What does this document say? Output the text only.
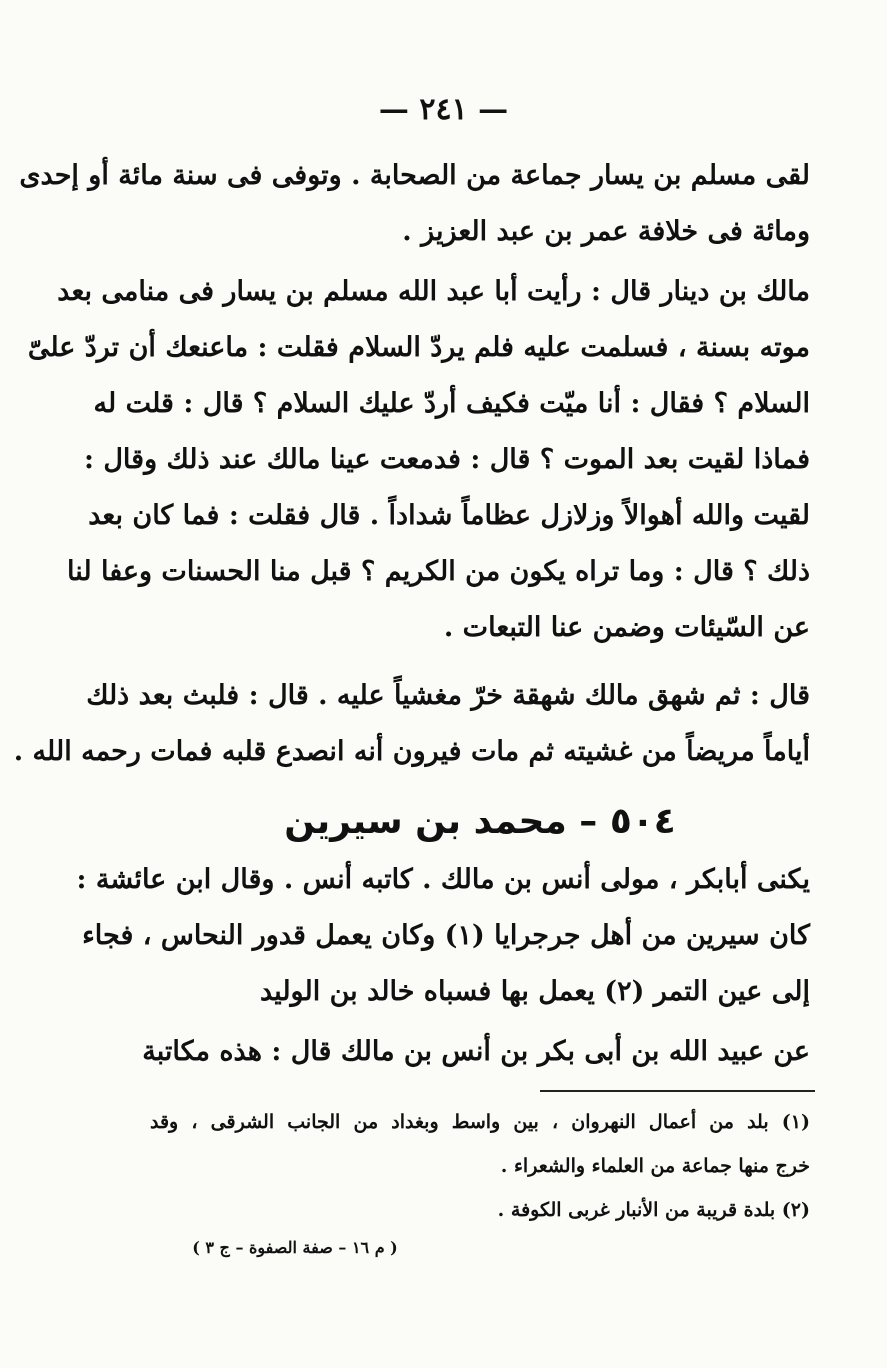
— ٢٤١ —
لقى مسلم بن يسار جماعة من الصحابة . وتوفى فى سنة مائة أو إحدى
ومائة فى خلافة عمر بن عبد العزيز .
مالك بن دينار قال : رأيت أبا عبد الله مسلم بن يسار فى منامى بعد
موته بسنة ، فسلمت عليه فلم يردّ السلام فقلت : ماعنعك أن تردّ علىّ
السلام ؟ فقال : أنا ميّت فكيف أردّ عليك السلام ؟ قال : قلت له
فماذا لقيت بعد الموت ؟ قال : فدمعت عينا مالك عند ذلك وقال :
لقيت والله أهوالاً وزلازل عظاماً شداداً . قال فقلت : فما كان بعد
ذلك ؟ قال : وما تراه يكون من الكريم ؟ قبل منا الحسنات وعفا لنا
عن السّيئات وضمن عنا التبعات .
قال : ثم شهق مالك شهقة خرّ مغشياً عليه . قال : فلبث بعد ذلك
أياماً مريضاً من غشيته ثم مات فيرون أنه انصدع قلبه فمات رحمه الله .
٥٠٤ – محمد بن سيرين
يكنى أبابكر ، مولى أنس بن مالك . كاتبه أنس . وقال ابن عائشة :
كان سيرين من أهل جرجرايا (١) وكان يعمل قدور النحاس ، فجاء
إلى عين التمر (٢) يعمل بها فسباه خالد بن الوليد
عن عبيد الله بن أبى بكر بن أنس بن مالك قال : هذه مكاتبة
(١) بلد من أعمال النهروان ، بين واسط وبغداد من الجانب الشرقى ، وقد
خرج منها جماعة من العلماء والشعراء .
(٢) بلدة قريبة من الأنبار غربى الكوفة .
( م ١٦ – صفة الصفوة – ج ٣ )
